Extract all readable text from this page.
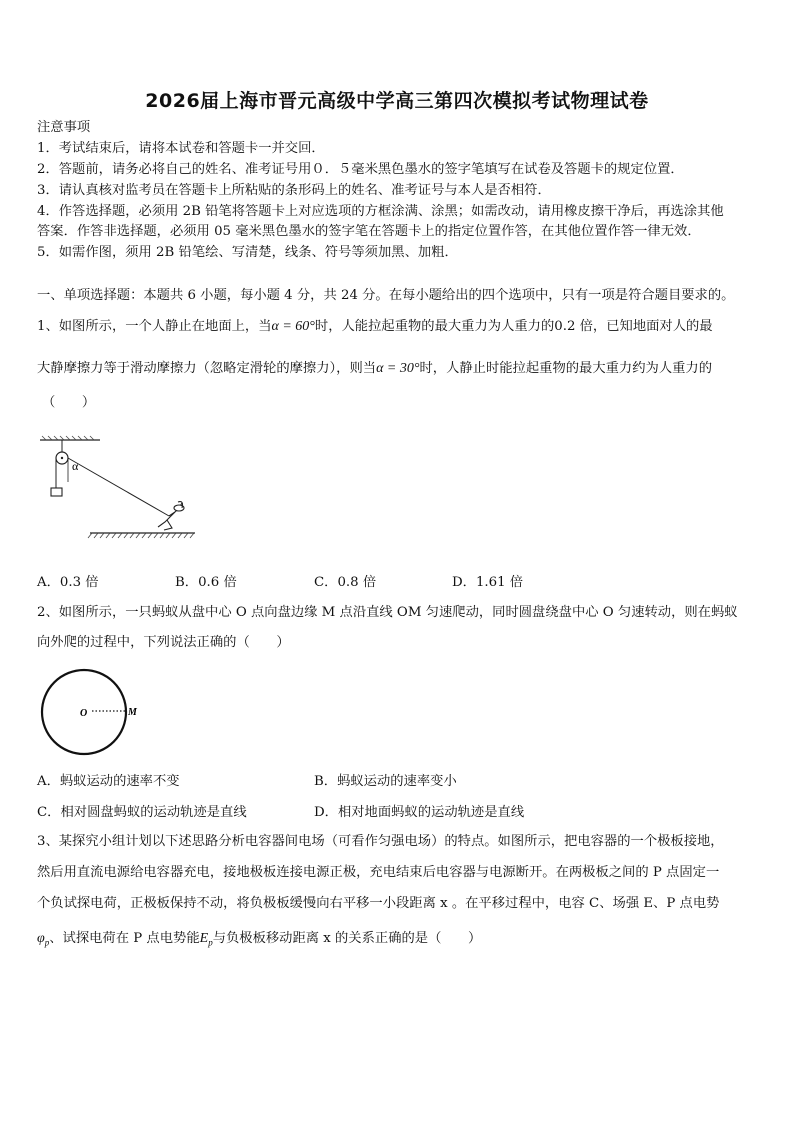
2026届上海市晋元高级中学高三第四次模拟考试物理试卷
注意事项
1．考试结束后，请将本试卷和答题卡一并交回．
2．答题前，请务必将自己的姓名、准考证号用０．５毫米黑色墨水的签字笔填写在试卷及答题卡的规定位置．
3．请认真核对监考员在答题卡上所粘贴的条形码上的姓名、准考证号与本人是否相符．
4．作答选择题，必须用 2B 铅笔将答题卡上对应选项的方框涂满、涂黑；如需改动，请用橡皮擦干净后，再选涂其他
答案．作答非选择题，必须用 05 毫米黑色墨水的签字笔在答题卡上的指定位置作答，在其他位置作答一律无效．
5．如需作图，须用 2B 铅笔绘、写清楚，线条、符号等须加黑、加粗．
一、单项选择题：本题共 6 小题，每小题 4 分，共 24 分。在每小题给出的四个选项中，只有一项是符合题目要求的。
1、如图所示，一个人静止在地面上，当α = 60°时，人能拉起重物的最大重力为人重力的0.2 倍，已知地面对人的最
大静摩擦力等于滑动摩擦力（忽略定滑轮的摩擦力），则当α = 30°时，人静止时能拉起重物的最大重力约为人重力的
（　　）
α
A．0.3 倍	B．0.6 倍	C．0.8 倍	D．1.61 倍
2、如图所示，一只蚂蚁从盘中心 O 点向盘边缘 M 点沿直线 OM 匀速爬动，同时圆盘绕盘中心 O 匀速转动，则在蚂蚁
向外爬的过程中，下列说法正确的（　　）
O	M
A．蚂蚁运动的速率不变	B．蚂蚁运动的速率变小
C．相对圆盘蚂蚁的运动轨迹是直线	D．相对地面蚂蚁的运动轨迹是直线
3、某探究小组计划以下述思路分析电容器间电场（可看作匀强电场）的特点。如图所示，把电容器的一个极板接地，
然后用直流电源给电容器充电，接地极板连接电源正极，充电结束后电容器与电源断开。在两极板之间的 P 点固定一
个负试探电荷，正极板保持不动，将负极板缓慢向右平移一小段距离 x 。在平移过程中，电容 C、场强 E、P 点电势
$\varphi_p$、试探电荷在 P 点电势能$E_p$与负极板移动距离 x 的关系正确的是（　　）
